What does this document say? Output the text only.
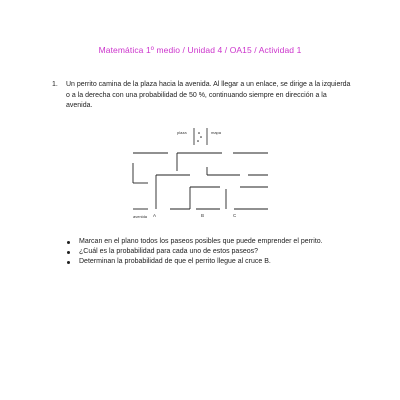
Matemática 1º medio / Unidad 4 / OA15 / Actividad 1
1. Un perrito camina de la plaza hacia la avenida. Al llegar a un enlace, se dirige a la izquierda o a la derecha con una probabilidad de 50 %, continuando siempre en dirección a la avenida.
plaza	mapa
avenida A	B	C
Marcan en el plano todos los paseos posibles que puede emprender el perrito.
¿Cuál es la probabilidad para cada uno de estos paseos?
Determinan la probabilidad de que el perrito llegue al cruce B.
